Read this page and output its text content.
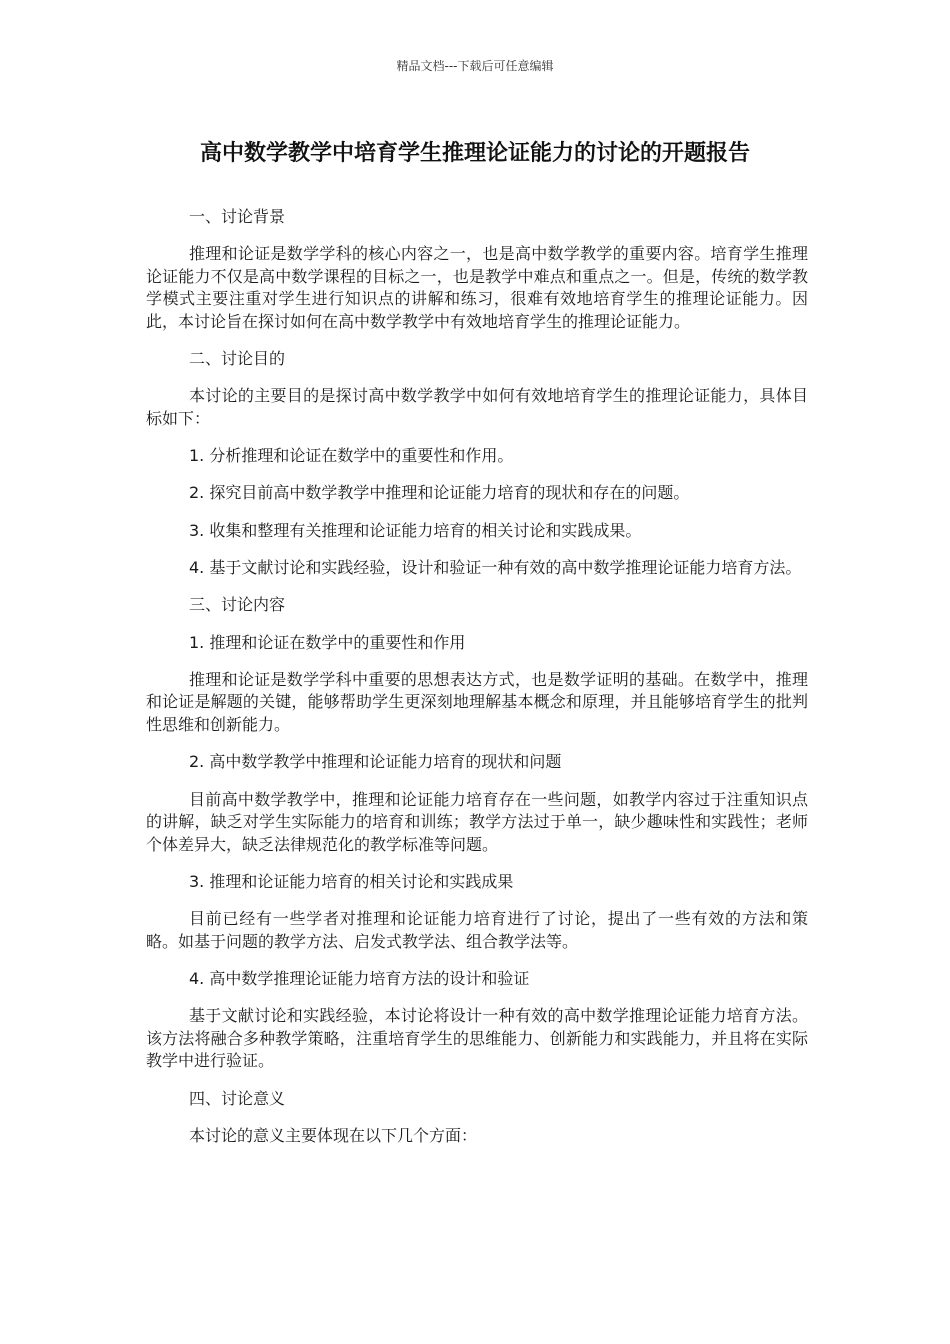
精品文档---下载后可任意编辑
高中数学教学中培育学生推理论证能力的讨论的开题报告

一、讨论背景

推理和论证是数学学科的核心内容之一，也是高中数学教学的重要内容。培育学生推理论证能力不仅是高中数学课程的目标之一，也是教学中难点和重点之一。但是，传统的数学教学模式主要注重对学生进行知识点的讲解和练习，很难有效地培育学生的推理论证能力。因此，本讨论旨在探讨如何在高中数学教学中有效地培育学生的推理论证能力。

二、讨论目的

本讨论的主要目的是探讨高中数学教学中如何有效地培育学生的推理论证能力，具体目标如下：

1. 分析推理和论证在数学中的重要性和作用。

2. 探究目前高中数学教学中推理和论证能力培育的现状和存在的问题。

3. 收集和整理有关推理和论证能力培育的相关讨论和实践成果。

4. 基于文献讨论和实践经验，设计和验证一种有效的高中数学推理论证能力培育方法。

三、讨论内容

1. 推理和论证在数学中的重要性和作用

推理和论证是数学学科中重要的思想表达方式，也是数学证明的基础。在数学中，推理和论证是解题的关键，能够帮助学生更深刻地理解基本概念和原理，并且能够培育学生的批判性思维和创新能力。

2. 高中数学教学中推理和论证能力培育的现状和问题

目前高中数学教学中，推理和论证能力培育存在一些问题，如教学内容过于注重知识点的讲解，缺乏对学生实际能力的培育和训练；教学方法过于单一，缺少趣味性和实践性；老师个体差异大，缺乏法律规范化的教学标准等问题。

3. 推理和论证能力培育的相关讨论和实践成果

目前已经有一些学者对推理和论证能力培育进行了讨论，提出了一些有效的方法和策略。如基于问题的教学方法、启发式教学法、组合教学法等。

4. 高中数学推理论证能力培育方法的设计和验证

基于文献讨论和实践经验，本讨论将设计一种有效的高中数学推理论证能力培育方法。该方法将融合多种教学策略，注重培育学生的思维能力、创新能力和实践能力，并且将在实际教学中进行验证。

四、讨论意义

本讨论的意义主要体现在以下几个方面：
